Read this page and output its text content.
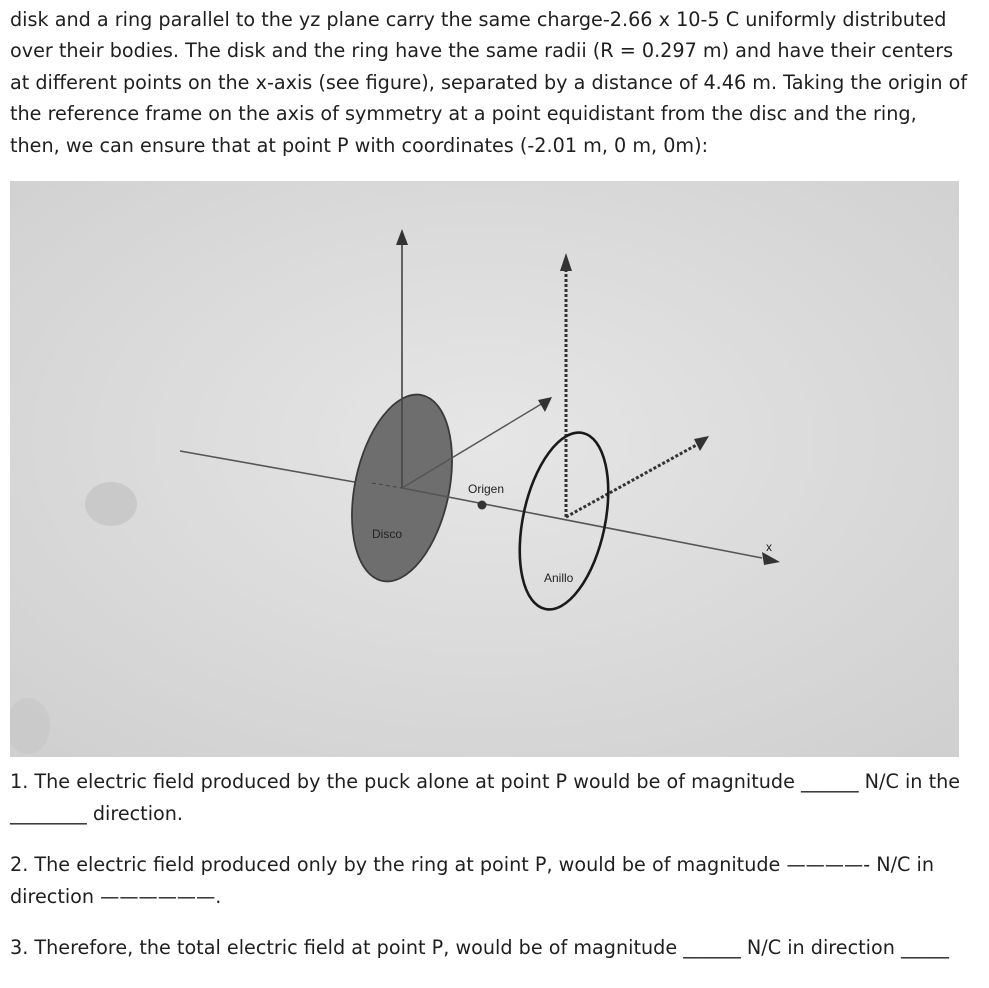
disk and a ring parallel to the yz plane carry the same charge-2.66 x 10-5 C uniformly distributed over their bodies. The disk and the ring have the same radii (R = 0.297 m) and have their centers at different points on the x-axis (see figure), separated by a distance of 4.46 m. Taking the origin of the reference frame on the axis of symmetry at a point equidistant from the disc and the ring, then, we can ensure that at point P with coordinates (-2.01 m, 0 m, 0m):

x
Origen
Disco
Anillo

1. The electric field produced by the puck alone at point P would be of magnitude ______ N/C in the ________ direction.

2. The electric field produced only by the ring at point P, would be of magnitude ————- N/C in direction ——————.

3. Therefore, the total electric field at point P, would be of magnitude ______ N/C in direction _____
